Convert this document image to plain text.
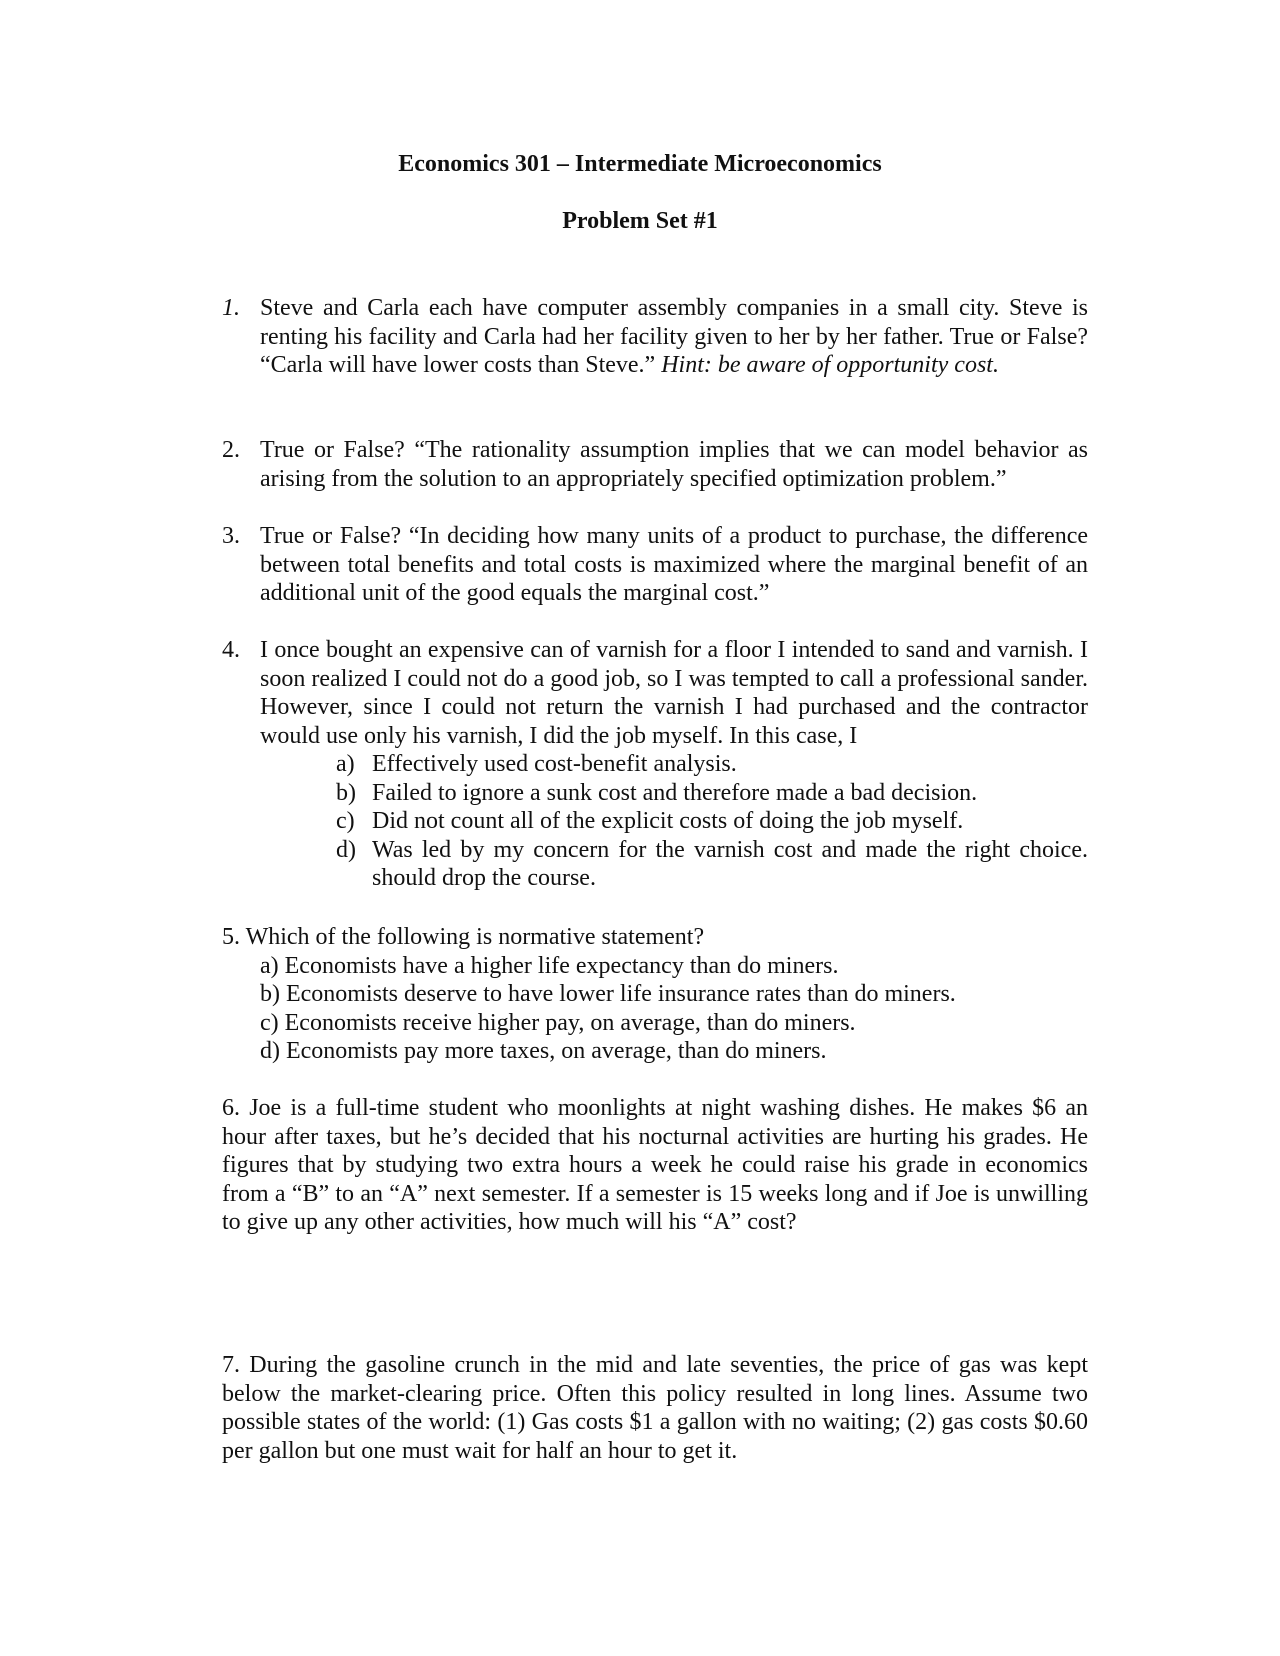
Economics 301 – Intermediate Microeconomics
Problem Set #1
1. Steve and Carla each have computer assembly companies in a small city. Steve is renting his facility and Carla had her facility given to her by her father. True or False? “Carla will have lower costs than Steve.” Hint: be aware of opportunity cost.
2. True or False? “The rationality assumption implies that we can model behavior as arising from the solution to an appropriately specified optimization problem.”
3. True or False? “In deciding how many units of a product to purchase, the difference between total benefits and total costs is maximized where the marginal benefit of an additional unit of the good equals the marginal cost.”
4. I once bought an expensive can of varnish for a floor I intended to sand and varnish. I soon realized I could not do a good job, so I was tempted to call a professional sander. However, since I could not return the varnish I had purchased and the contractor would use only his varnish, I did the job myself. In this case, I
a) Effectively used cost-benefit analysis.
b) Failed to ignore a sunk cost and therefore made a bad decision.
c) Did not count all of the explicit costs of doing the job myself.
d) Was led by my concern for the varnish cost and made the right choice. should drop the course.
5. Which of the following is normative statement?
a) Economists have a higher life expectancy than do miners.
b) Economists deserve to have lower life insurance rates than do miners.
c) Economists receive higher pay, on average, than do miners.
d) Economists pay more taxes, on average, than do miners.
6. Joe is a full-time student who moonlights at night washing dishes. He makes $6 an hour after taxes, but he’s decided that his nocturnal activities are hurting his grades. He figures that by studying two extra hours a week he could raise his grade in economics from a “B” to an “A” next semester. If a semester is 15 weeks long and if Joe is unwilling to give up any other activities, how much will his “A” cost?
7. During the gasoline crunch in the mid and late seventies, the price of gas was kept below the market-clearing price. Often this policy resulted in long lines. Assume two possible states of the world: (1) Gas costs $1 a gallon with no waiting; (2) gas costs $0.60 per gallon but one must wait for half an hour to get it.
